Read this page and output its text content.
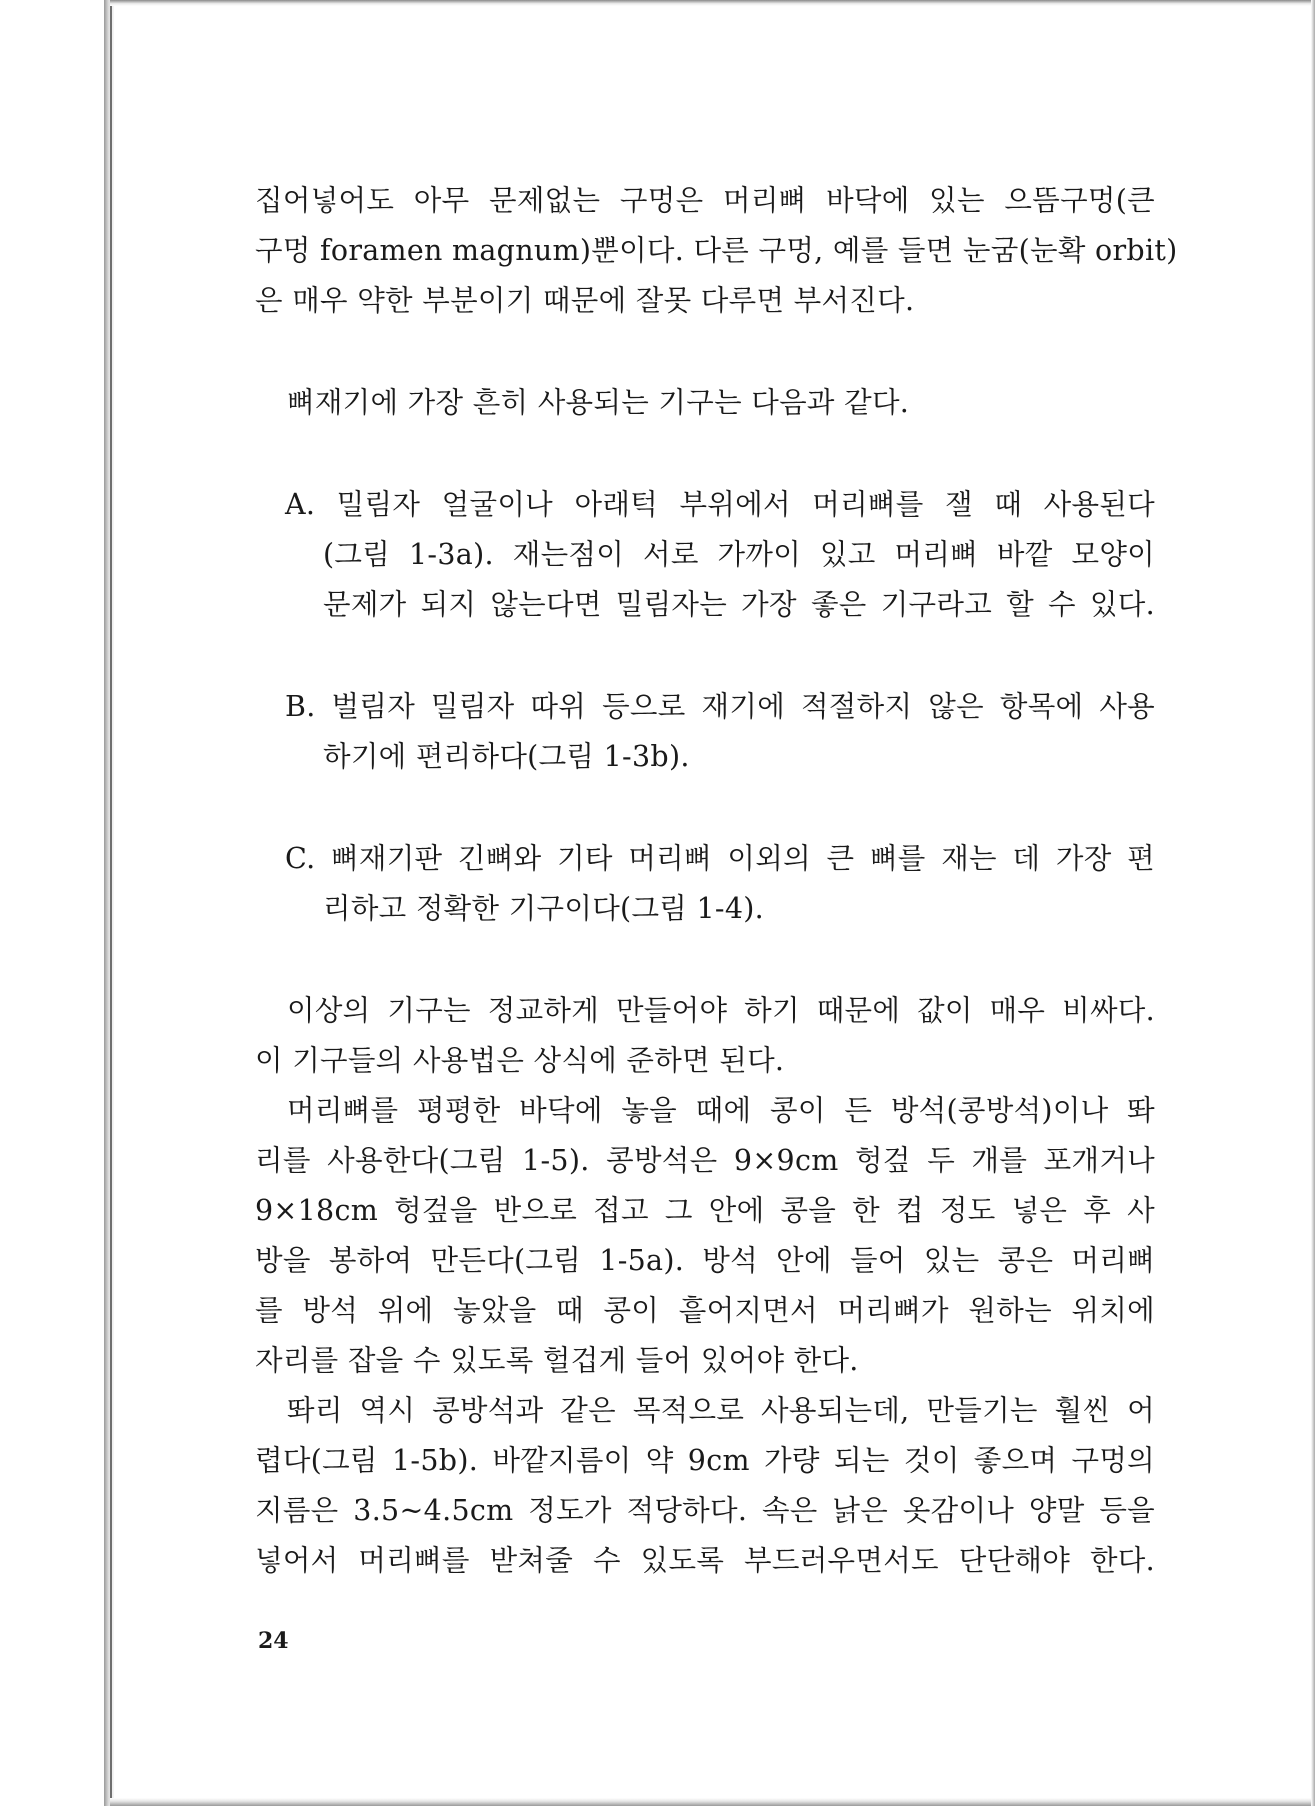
집어넣어도 아무 문제없는 구멍은 머리뼈 바닥에 있는 으뜸구멍(큰
구멍 foramen magnum)뿐이다. 다른 구멍, 예를 들면 눈굼(눈확 orbit)
은 매우 약한 부분이기 때문에 잘못 다루면 부서진다.
뼈재기에 가장 흔히 사용되는 기구는 다음과 같다.
A. 밀림자 얼굴이나 아래턱 부위에서 머리뼈를 잴 때 사용된다
(그림 1-3a). 재는점이 서로 가까이 있고 머리뼈 바깥 모양이
문제가 되지 않는다면 밀림자는 가장 좋은 기구라고 할 수 있다.
B. 벌림자 밀림자 따위 등으로 재기에 적절하지 않은 항목에 사용
하기에 편리하다(그림 1-3b).
C. 뼈재기판 긴뼈와 기타 머리뼈 이외의 큰 뼈를 재는 데 가장 편
리하고 정확한 기구이다(그림 1-4).
이상의 기구는 정교하게 만들어야 하기 때문에 값이 매우 비싸다.
이 기구들의 사용법은 상식에 준하면 된다.
머리뼈를 평평한 바닥에 놓을 때에 콩이 든 방석(콩방석)이나 똬
리를 사용한다(그림 1-5). 콩방석은 9×9cm 헝겊 두 개를 포개거나
9×18cm 헝겊을 반으로 접고 그 안에 콩을 한 컵 정도 넣은 후 사
방을 봉하여 만든다(그림 1-5a). 방석 안에 들어 있는 콩은 머리뼈
를 방석 위에 놓았을 때 콩이 흩어지면서 머리뼈가 원하는 위치에
자리를 잡을 수 있도록 헐겁게 들어 있어야 한다.
똬리 역시 콩방석과 같은 목적으로 사용되는데, 만들기는 훨씬 어
렵다(그림 1-5b). 바깥지름이 약 9cm 가량 되는 것이 좋으며 구멍의
지름은 3.5~4.5cm 정도가 적당하다. 속은 낡은 옷감이나 양말 등을
넣어서 머리뼈를 받쳐줄 수 있도록 부드러우면서도 단단해야 한다.
24
